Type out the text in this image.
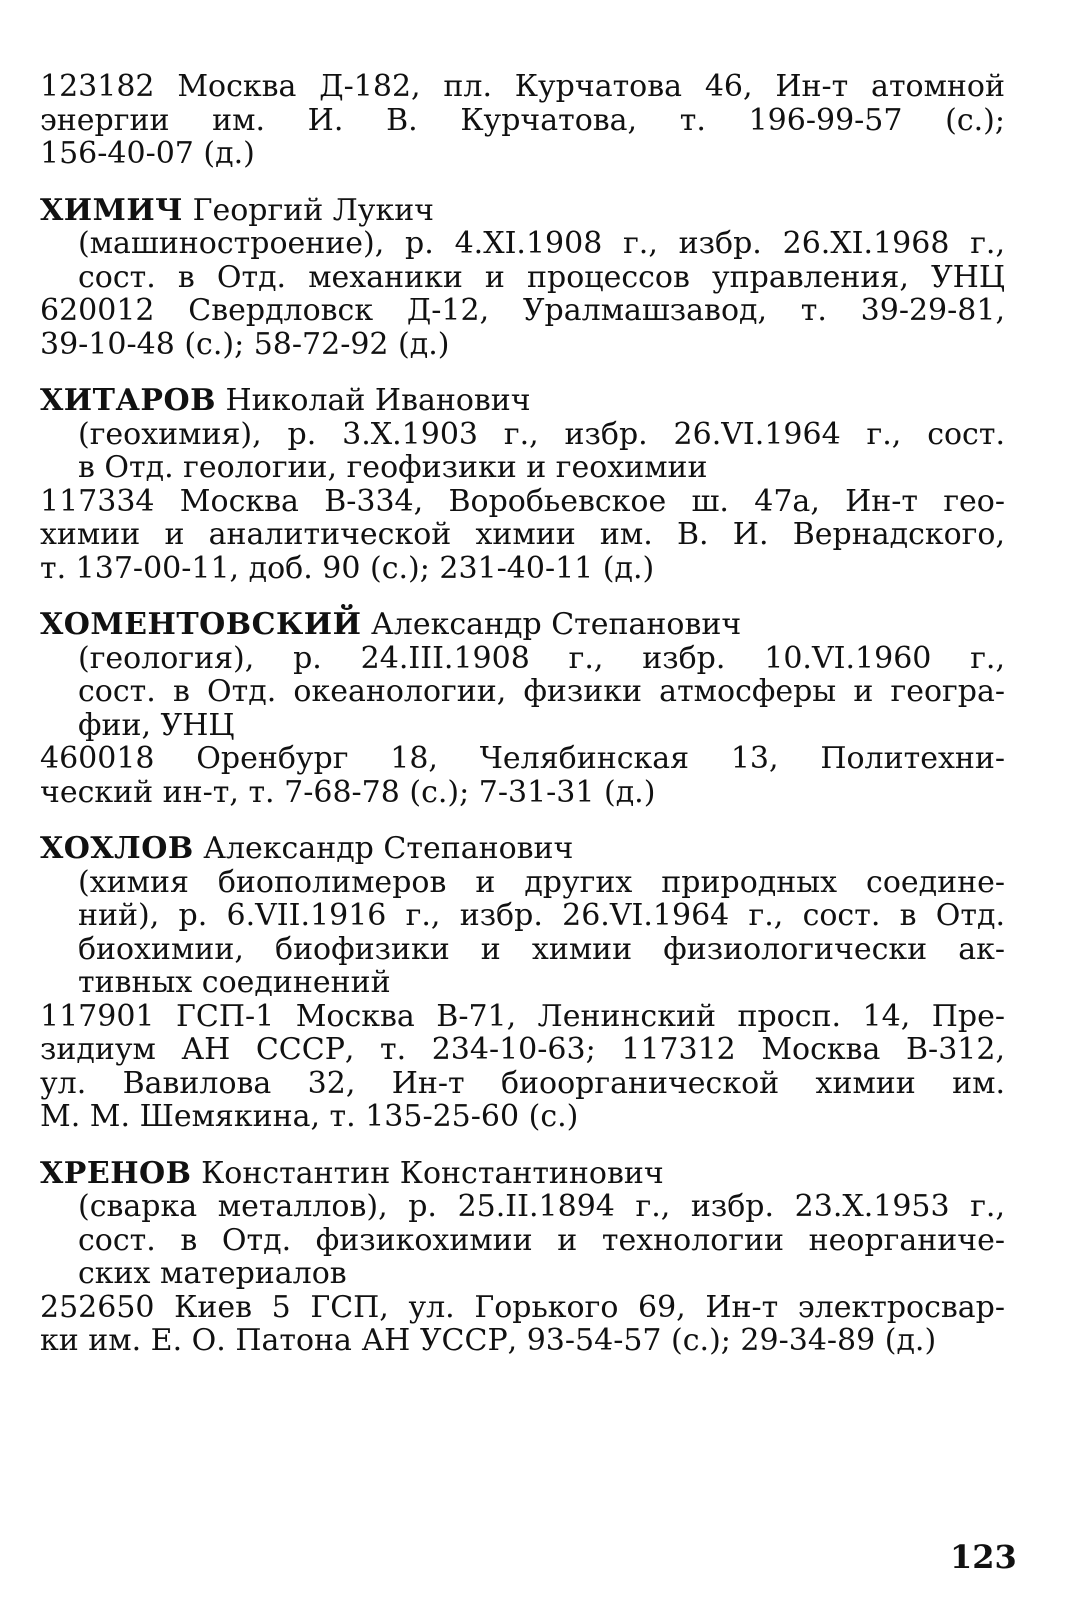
123182 Москва Д-182, пл. Курчатова 46, Ин-т атомной
энергии им. И. В. Курчатова, т. 196-99-57 (с.);
156-40-07 (д.)
ХИМИЧ Георгий Лукич
(машиностроение), р. 4.XI.1908 г., избр. 26.XI.1968 г.,
сост. в Отд. механики и процессов управления, УНЦ
620012 Свердловск Д-12, Уралмашзавод, т. 39-29-81,
39-10-48 (с.); 58-72-92 (д.)
ХИТАРОВ Николай Иванович
(геохимия), р. 3.X.1903 г., избр. 26.VI.1964 г., сост.
в Отд. геологии, геофизики и геохимии
117334 Москва В-334, Воробьевское ш. 47а, Ин-т гео-
химии и аналитической химии им. В. И. Вернадского,
т. 137-00-11, доб. 90 (с.); 231-40-11 (д.)
ХОМЕНТОВСКИЙ Александр Степанович
(геология), р. 24.III.1908 г., избр. 10.VI.1960 г.,
сост. в Отд. океанологии, физики атмосферы и геогра-
фии, УНЦ
460018 Оренбург 18, Челябинская 13, Политехни-
ческий ин-т, т. 7-68-78 (с.); 7-31-31 (д.)
ХОХЛОВ Александр Степанович
(химия биополимеров и других природных соедине-
ний), р. 6.VII.1916 г., избр. 26.VI.1964 г., сост. в Отд.
биохимии, биофизики и химии физиологически ак-
тивных соединений
117901 ГСП-1 Москва В-71, Ленинский просп. 14, Пре-
зидиум АН СССР, т. 234-10-63; 117312 Москва В-312,
ул. Вавилова 32, Ин-т биоорганической химии им.
М. М. Шемякина, т. 135-25-60 (с.)
ХРЕНОВ Константин Константинович
(сварка металлов), р. 25.II.1894 г., избр. 23.X.1953 г.,
сост. в Отд. физикохимии и технологии неорганиче-
ских материалов
252650 Киев 5 ГСП, ул. Горького 69, Ин-т электросвар-
ки им. Е. О. Патона АН УССР, 93-54-57 (с.); 29-34-89 (д.)
123
